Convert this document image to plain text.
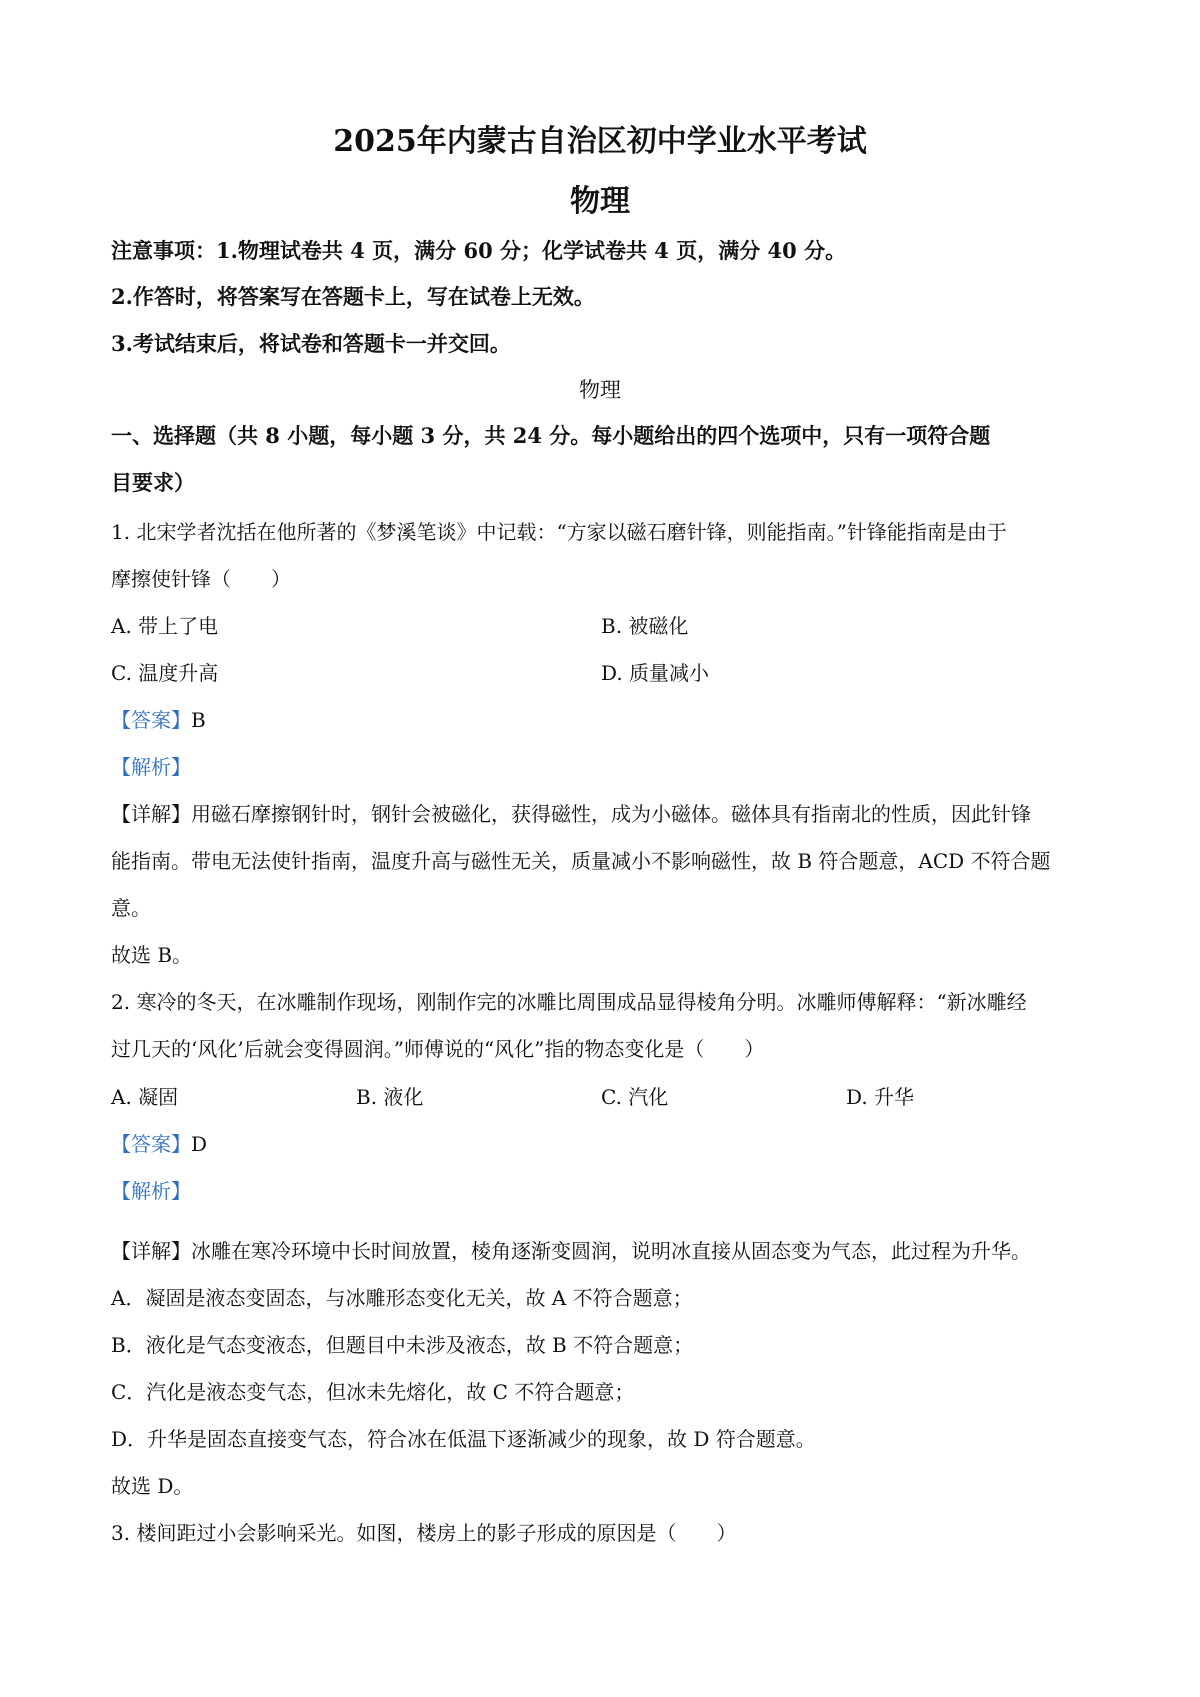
2025年内蒙古自治区初中学业水平考试
物理
注意事项：1.物理试卷共 4 页，满分 60 分；化学试卷共 4 页，满分 40 分。
2.作答时，将答案写在答题卡上，写在试卷上无效。
3.考试结束后，将试卷和答题卡一并交回。
物理
一、选择题（共 8 小题，每小题 3 分，共 24 分。每小题给出的四个选项中，只有一项符合题
目要求）
1. 北宋学者沈括在他所著的《梦溪笔谈》中记载：“方家以磁石磨针锋，则能指南。”针锋能指南是由于
摩擦使针锋（　　）
A. 带上了电	B. 被磁化
C. 温度升高	D. 质量减小
【答案】B
【解析】
【详解】用磁石摩擦钢针时，钢针会被磁化，获得磁性，成为小磁体。磁体具有指南北的性质，因此针锋
能指南。带电无法使针指南，温度升高与磁性无关，质量减小不影响磁性，故 B 符合题意，ACD 不符合题
意。
故选 B。
2. 寒冷的冬天，在冰雕制作现场，刚制作完的冰雕比周围成品显得棱角分明。冰雕师傅解释：“新冰雕经
过几天的‘风化’后就会变得圆润。”师傅说的“风化”指的物态变化是（　　）
A. 凝固	B. 液化	C. 汽化	D. 升华
【答案】D
【解析】
【详解】冰雕在寒冷环境中长时间放置，棱角逐渐变圆润，说明冰直接从固态变为气态，此过程为升华。
A．凝固是液态变固态，与冰雕形态变化无关，故 A 不符合题意；
B．液化是气态变液态，但题目中未涉及液态，故 B 不符合题意；
C．汽化是液态变气态，但冰未先熔化，故 C 不符合题意；
D．升华是固态直接变气态，符合冰在低温下逐渐减少的现象，故 D 符合题意。
故选 D。
3. 楼间距过小会影响采光。如图，楼房上的影子形成的原因是（　　）
